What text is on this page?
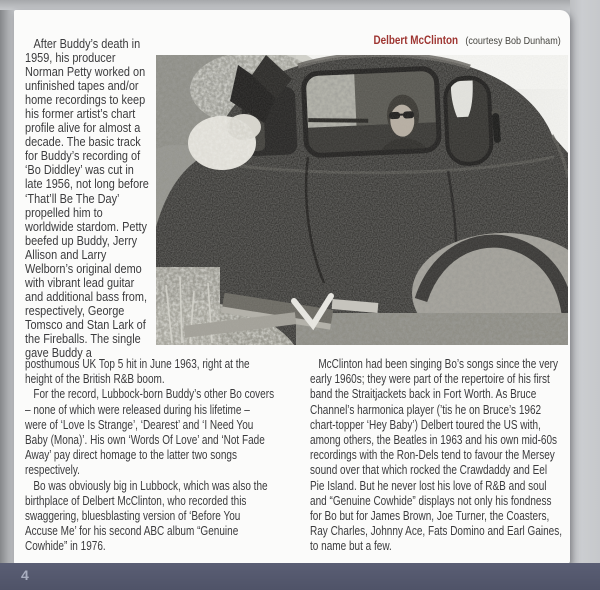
Delbert McClinton (courtesy Bob Dunham)
After Buddy’s death in
1959, his producer
Norman Petty worked on
unfinished tapes and/or
home recordings to keep
his former artist’s chart
profile alive for almost a
decade. The basic track
for Buddy’s recording of
‘Bo Diddley’ was cut in
late 1956, not long before
‘That’ll Be The Day’
propelled him to
worldwide stardom. Petty
beefed up Buddy, Jerry
Allison and Larry
Welborn’s original demo
with vibrant lead guitar
and additional bass from,
respectively, George
Tomsco and Stan Lark of
the Fireballs. The single
gave Buddy a
posthumous UK Top 5 hit in June 1963, right at the
height of the British R&B boom.
For the record, Lubbock-born Buddy’s other Bo covers
– none of which were released during his lifetime –
were of ‘Love Is Strange’, ‘Dearest’ and ‘I Need You
Baby (Mona)’. His own ‘Words Of Love’ and ‘Not Fade
Away’ pay direct homage to the latter two songs
respectively.
Bo was obviously big in Lubbock, which was also the
birthplace of Delbert McClinton, who recorded this
swaggering, bluesblasting version of ‘Before You
Accuse Me’ for his second ABC album “Genuine
Cowhide” in 1976.
McClinton had been singing Bo’s songs since the very
early 1960s; they were part of the repertoire of his first
band the Straitjackets back in Fort Worth. As Bruce
Channel’s harmonica player (’tis he on Bruce’s 1962
chart-topper ‘Hey Baby’) Delbert toured the US with,
among others, the Beatles in 1963 and his own mid-60s
recordings with the Ron-Dels tend to favour the Mersey
sound over that which rocked the Crawdaddy and Eel
Pie Island. But he never lost his love of R&B and soul
and “Genuine Cowhide” displays not only his fondness
for Bo but for James Brown, Joe Turner, the Coasters,
Ray Charles, Johnny Ace, Fats Domino and Earl Gaines,
to name but a few.
4
